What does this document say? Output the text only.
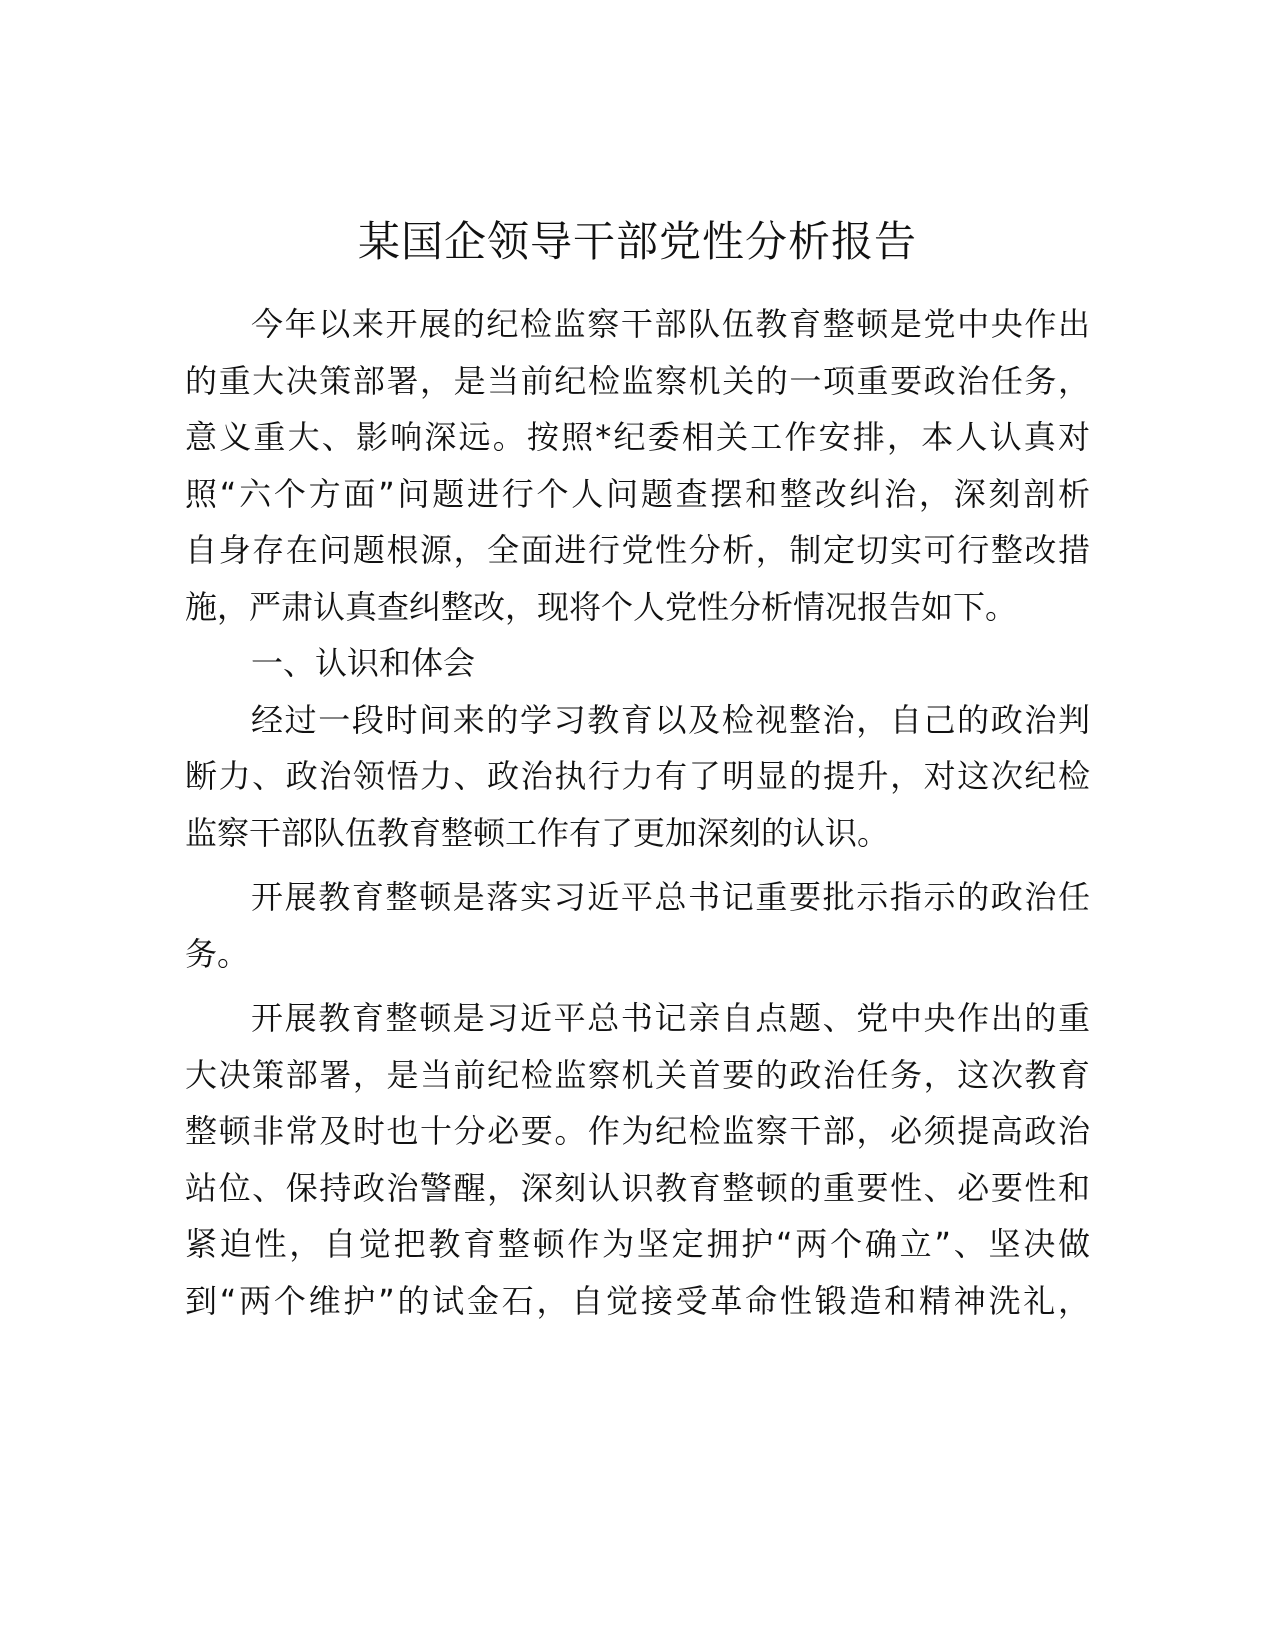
某国企领导干部党性分析报告
今年以来开展的纪检监察干部队伍教育整顿是党中央作出
的重大决策部署，是当前纪检监察机关的一项重要政治任务，
意义重大、影响深远。按照*纪委相关工作安排，本人认真对
照“六个方面”问题进行个人问题查摆和整改纠治，深刻剖析
自身存在问题根源，全面进行党性分析，制定切实可行整改措
施，严肃认真查纠整改，现将个人党性分析情况报告如下。
一、认识和体会
经过一段时间来的学习教育以及检视整治，自己的政治判
断力、政治领悟力、政治执行力有了明显的提升，对这次纪检
监察干部队伍教育整顿工作有了更加深刻的认识。
开展教育整顿是落实习近平总书记重要批示指示的政治任
务。
开展教育整顿是习近平总书记亲自点题、党中央作出的重
大决策部署，是当前纪检监察机关首要的政治任务，这次教育
整顿非常及时也十分必要。作为纪检监察干部，必须提高政治
站位、保持政治警醒，深刻认识教育整顿的重要性、必要性和
紧迫性，自觉把教育整顿作为坚定拥护“两个确立”、坚决做
到“两个维护”的试金石，自觉接受革命性锻造和精神洗礼，
